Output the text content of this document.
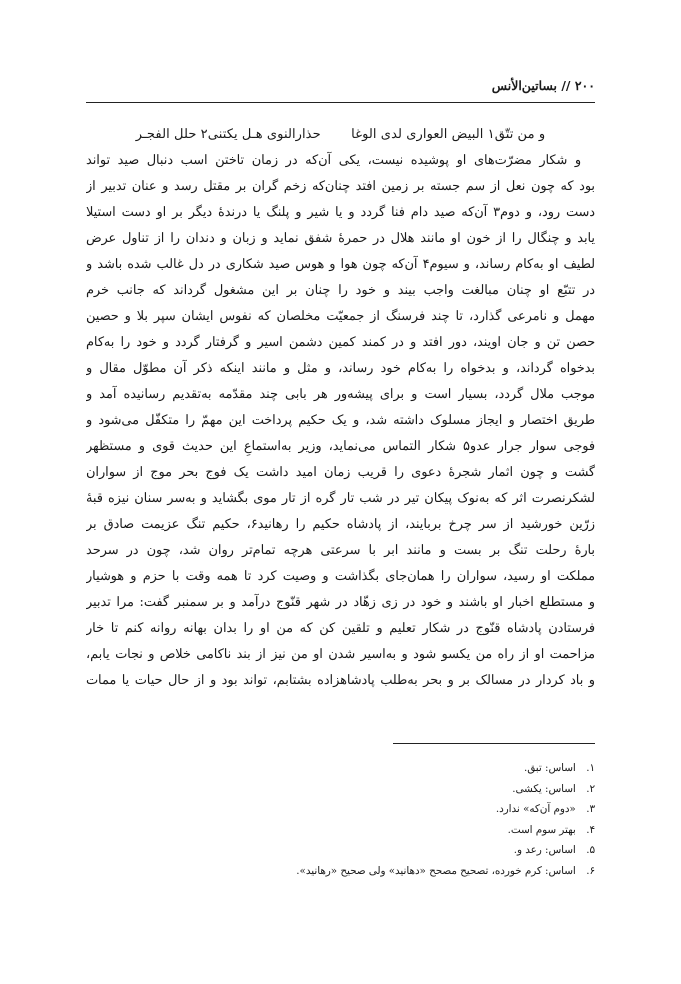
۲۰۰ // بساتین‌الأنس
و من تتّق۱ البیض العواری لدی الوغا  حذارالنوی هـل یکتنی۲ حلل الفجـر
و شکار مضرّت‌های او پوشیده نیست، یکی آن‌که در زمان تاختن اسب دنبال صید تواند
بود که چون نعل از سم جسته بر زمین افتد چنان‌که زخم گران بر مقتل رسد و عنان تدبیر از
دست رود، و دوم۳ آن‌که صید دام فنا گردد و یا شیر و پلنگ یا درندهٔ دیگر بر او دست استیلا
یابد و چنگال را از خون او مانند هلال در حمرهٔ شفق نماید و زبان و دندان را از تناول عرض
لطیف او به‌کام رساند، و سیوم۴ آن‌که چون هوا و هوس صید شکاری در دل غالب شده باشد و
در تتبّع او چنان مبالغت واجب بیند و خود را چنان بر این مشغول گرداند که جانب خرم
مهمل و نامرعی گذارد، تا چند فرسنگ از جمعیّت مخلصان که نفوس ایشان سپر بلا و حصین
حصن تن و جان اویند، دور افتد و در کمند کمین دشمن اسیر و گرفتار گردد و خود را به‌کام
بدخواه گرداند، و بدخواه را به‌کام خود رساند، و مثل و مانند اینکه ذکر آن مطوّل مقال و
موجب ملال گردد، بسیار است و برای پیشه‌ور هر بابی چند مقدّمه به‌تقدیم رسانیده آمد و
طریق اختصار و ایجاز مسلوک داشته شد، و یک حکیم پرداخت این مهمّ را متکفّل می‌شود و
فوجی سوار جرار عدو۵ شکار التماس می‌نماید، وزیر به‌استماعِ این حدیث قوی و مستظهر
گشت و چون اثمار شجرهٔ دعوی را قریب زمان امید داشت یک فوج بحر موج از سواران
لشکرنصرت اثر که به‌نوک پیکان تیر در شب تار گره از تار موی بگشاید و به‌سر سنان نیزه قبهٔ
زرّین خورشید از سر چرخ بربایند، از پادشاه حکیم را رهانید۶، حکیم تنگ عزیمت صادق بر
بارهٔ رحلت تنگ بر بست و مانند ابر با سرعتی هرچه تمام‌تر روان شد، چون در سرحد
مملکت او رسید، سواران را همان‌جای بگذاشت و وصیت کرد تا همه وقت با حزم و هوشیار
و مستطلع اخبار او باشند و خود در زی زهّاد در شهر قنّوج درآمد و بر سمنبر گفت: مرا تدبیر
فرستادن پادشاه قنّوج در شکار تعلیم و تلقین کن که من او را بدان بهانه روانه کنم تا خار
مزاحمت او از راه من یکسو شود و به‌اسیر شدن او من نیز از بند ناکامی خلاص و نجات یابم،
و باد کردار در مسالک بر و بحر به‌طلب پادشاهزاده بشتابم، تواند بود و از حال حیات یا ممات
۱. اساس: تبق.
۲. اساس: یکشی.
۳. «دوم آن‌که» ندارد.
۴. بهتر سوم است.
۵. اساس: رعد و.
۶. اساس: کرم خورده، تصحیح مصحح «دهانید» ولی صحیح «رهانید».
